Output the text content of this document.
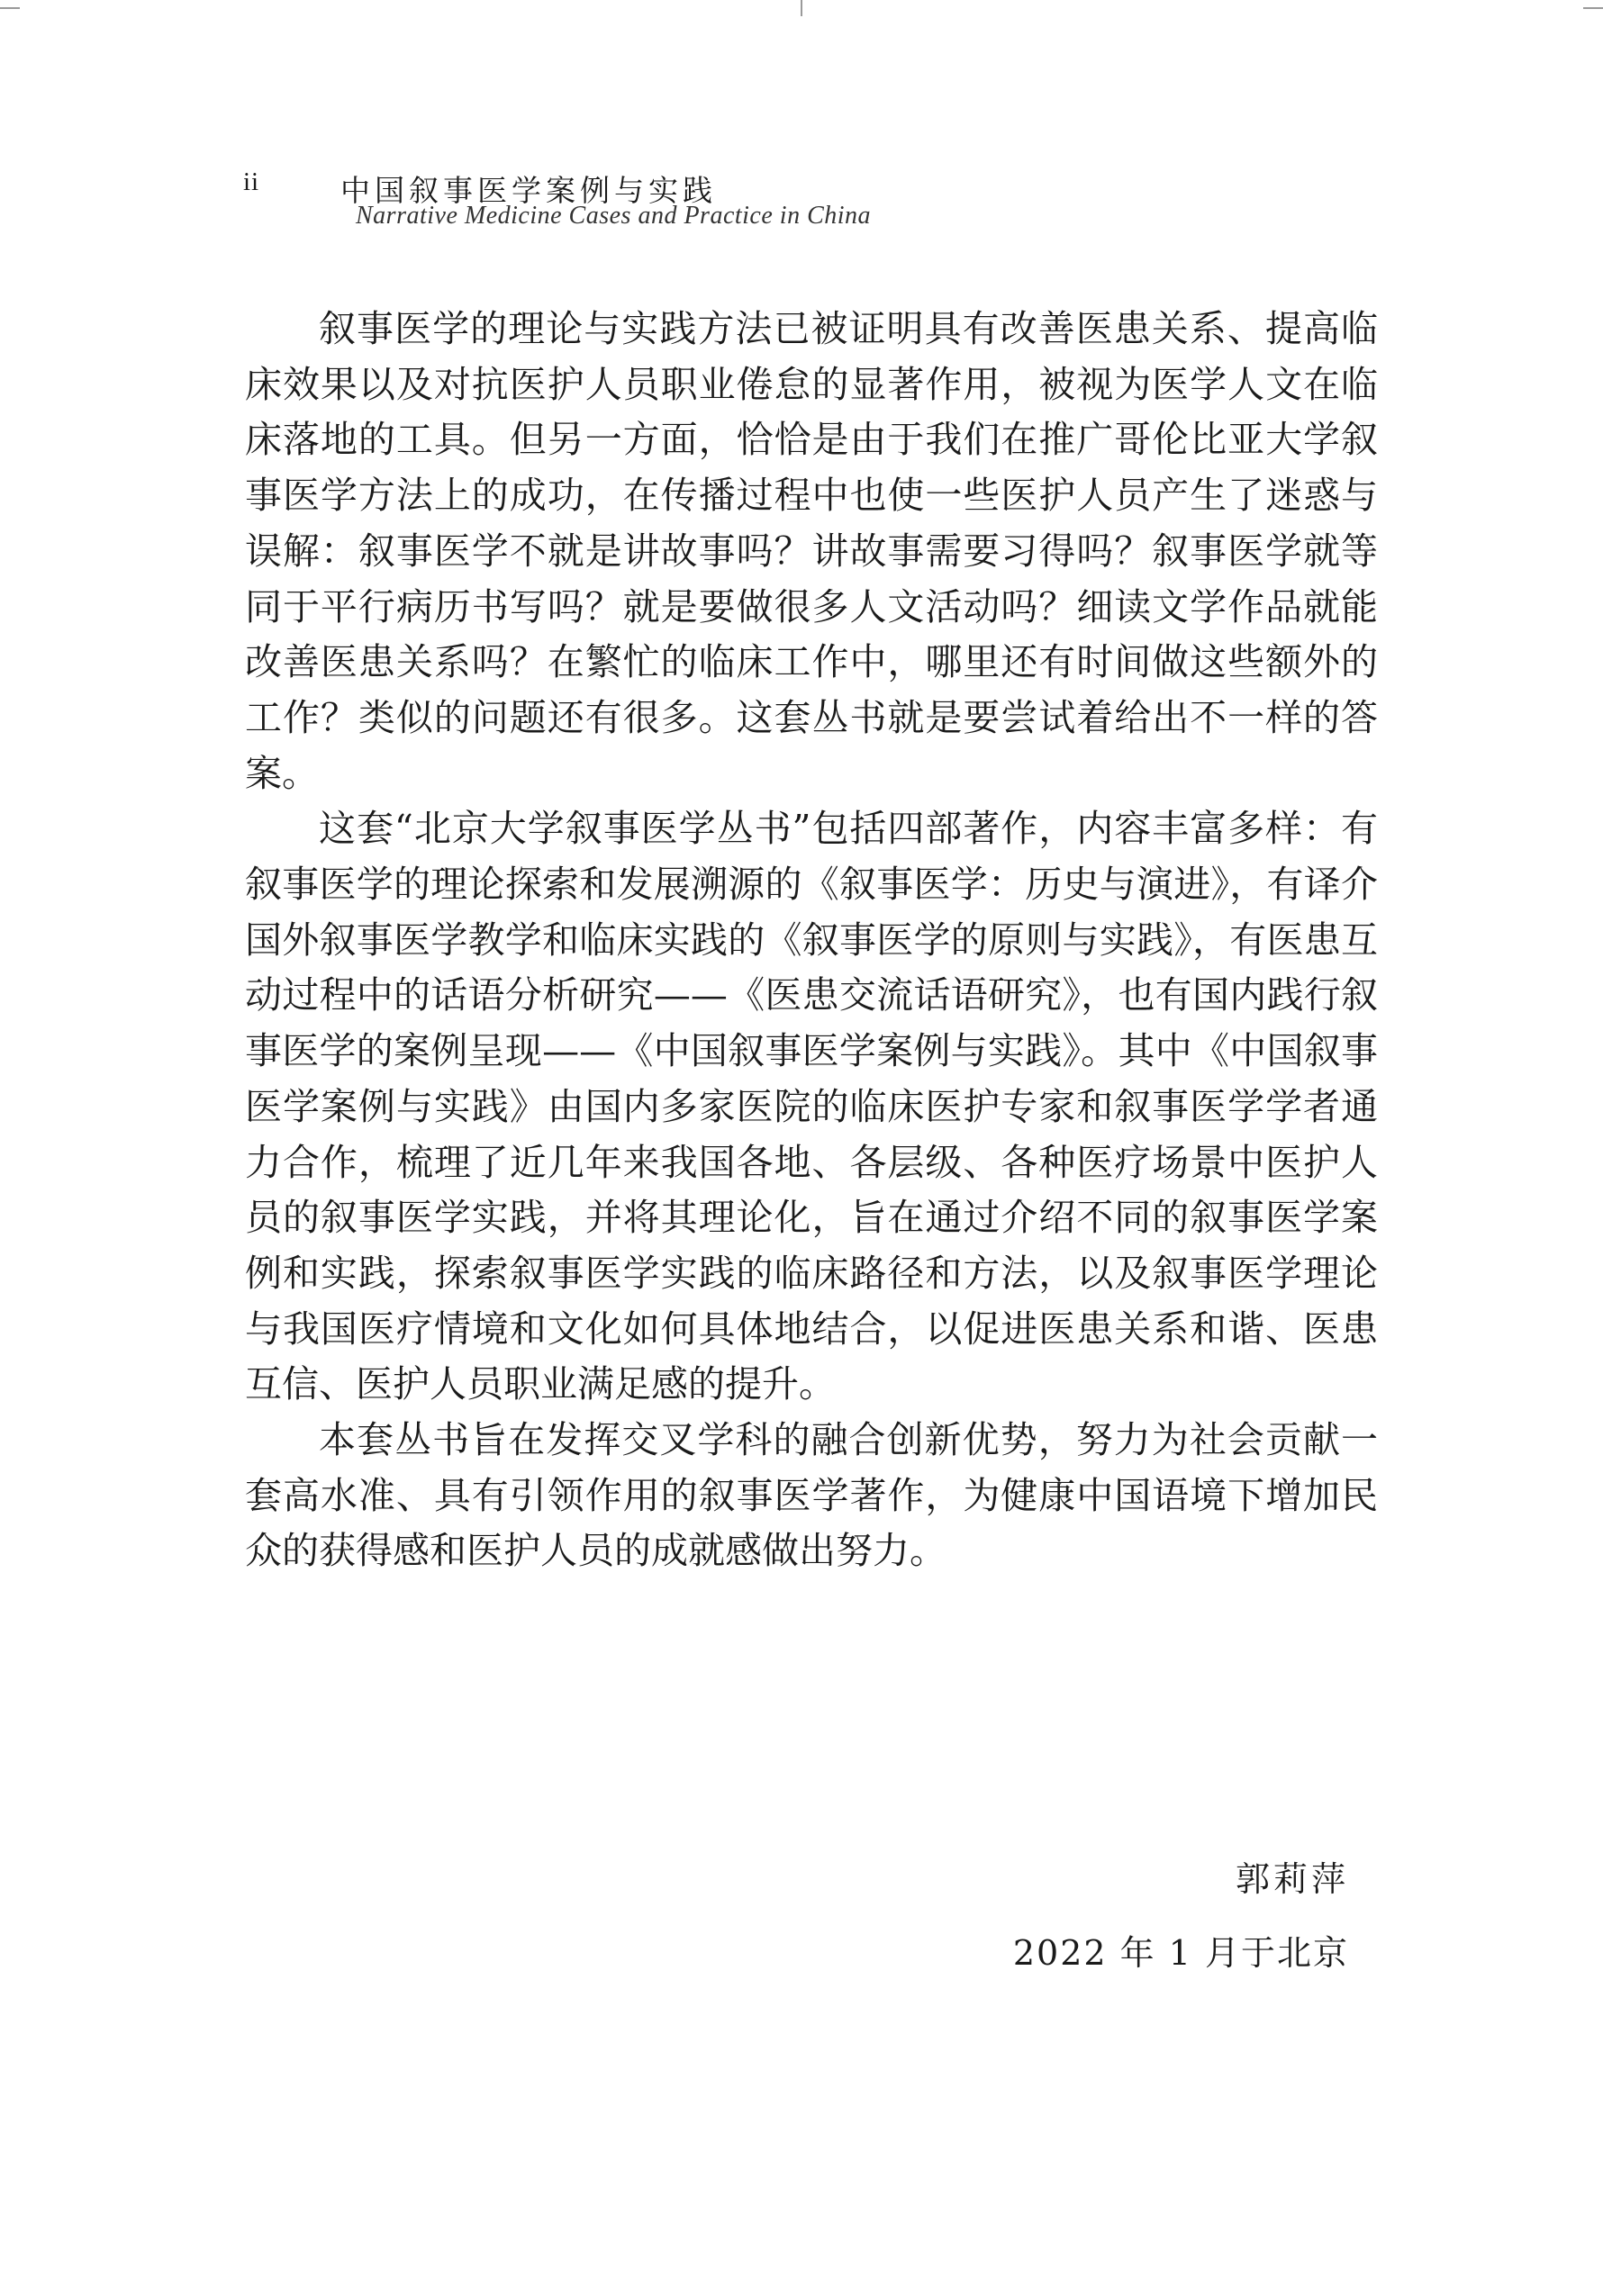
ii	中国叙事医学案例与实践
Narrative Medicine Cases and Practice in China

叙事医学的理论与实践方法已被证明具有改善医患关系、提高临床效果以及对抗医护人员职业倦怠的显著作用，被视为医学人文在临床落地的工具。但另一方面，恰恰是由于我们在推广哥伦比亚大学叙事医学方法上的成功，在传播过程中也使一些医护人员产生了迷惑与误解：叙事医学不就是讲故事吗？讲故事需要习得吗？叙事医学就等同于平行病历书写吗？就是要做很多人文活动吗？细读文学作品就能改善医患关系吗？在繁忙的临床工作中，哪里还有时间做这些额外的工作？类似的问题还有很多。这套丛书就是要尝试着给出不一样的答案。

这套“北京大学叙事医学丛书”包括四部著作，内容丰富多样：有叙事医学的理论探索和发展溯源的《叙事医学：历史与演进》，有译介国外叙事医学教学和临床实践的《叙事医学的原则与实践》，有医患互动过程中的话语分析研究——《医患交流话语研究》，也有国内践行叙事医学的案例呈现——《中国叙事医学案例与实践》。其中《中国叙事医学案例与实践》由国内多家医院的临床医护专家和叙事医学学者通力合作，梳理了近几年来我国各地、各层级、各种医疗场景中医护人员的叙事医学实践，并将其理论化，旨在通过介绍不同的叙事医学案例和实践，探索叙事医学实践的临床路径和方法，以及叙事医学理论与我国医疗情境和文化如何具体地结合，以促进医患关系和谐、医患互信、医护人员职业满足感的提升。

本套丛书旨在发挥交叉学科的融合创新优势，努力为社会贡献一套高水准、具有引领作用的叙事医学著作，为健康中国语境下增加民众的获得感和医护人员的成就感做出努力。

郭莉萍
2022 年 1 月于北京
